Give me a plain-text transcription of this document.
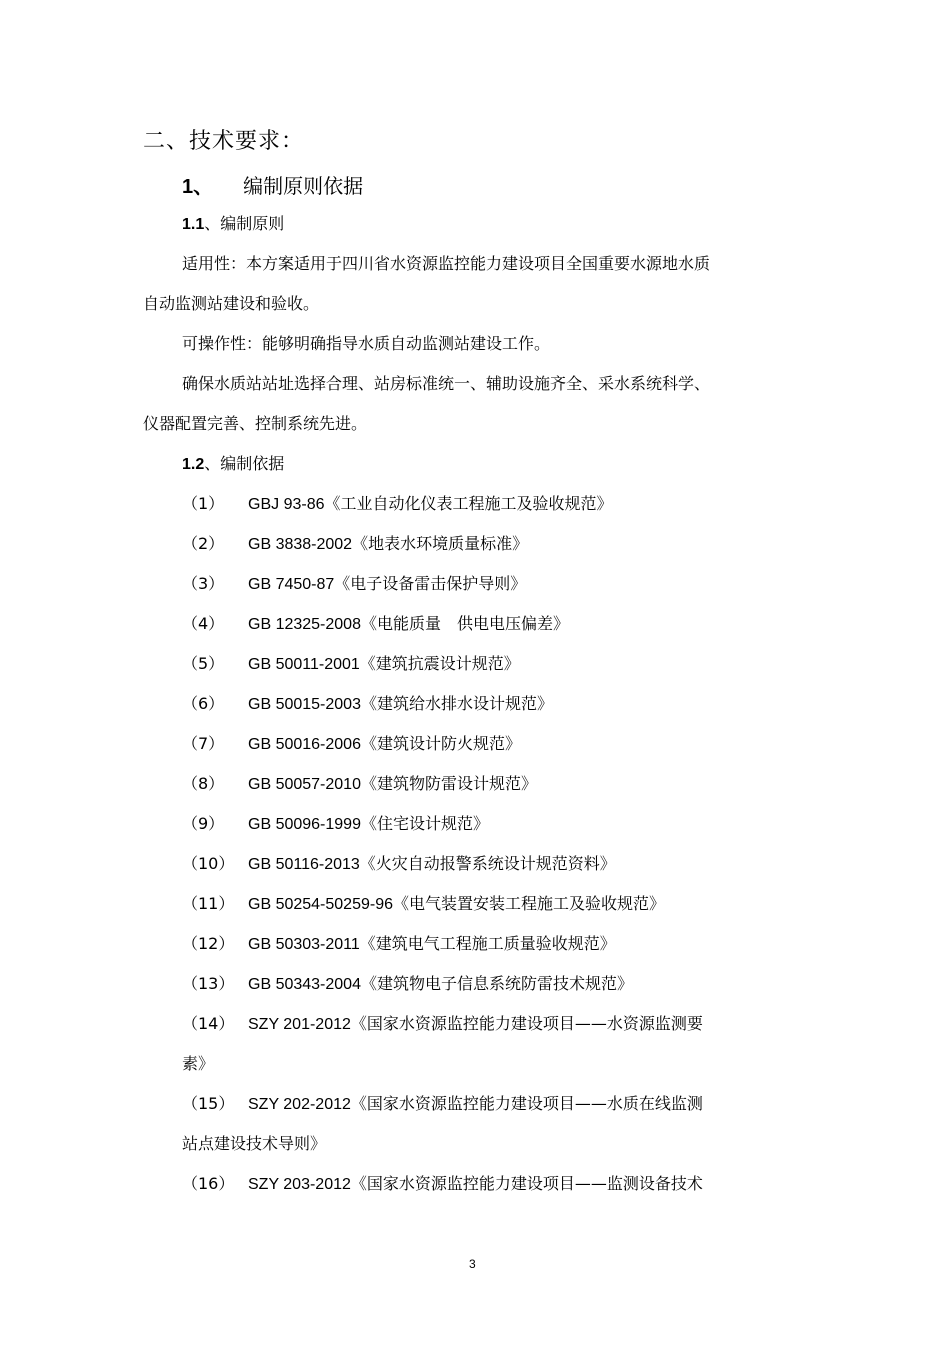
二、技术要求：
1、 编制原则依据
1.1、编制原则
适用性：本方案适用于四川省水资源监控能力建设项目全国重要水源地水质
自动监测站建设和验收。
可操作性：能够明确指导水质自动监测站建设工作。
确保水质站站址选择合理、站房标准统一、辅助设施齐全、采水系统科学、
仪器配置完善、控制系统先进。
1.2、编制依据
（1） GBJ 93-86《工业自动化仪表工程施工及验收规范》
（2） GB 3838-2002《地表水环境质量标准》
（3） GB 7450-87《电子设备雷击保护导则》
（4） GB 12325-2008《电能质量　供电电压偏差》
（5） GB 50011-2001《建筑抗震设计规范》
（6） GB 50015-2003《建筑给水排水设计规范》
（7） GB 50016-2006《建筑设计防火规范》
（8） GB 50057-2010《建筑物防雷设计规范》
（9） GB 50096-1999《住宅设计规范》
（10） GB 50116-2013《火灾自动报警系统设计规范资料》
（11） GB 50254-50259-96《电气装置安装工程施工及验收规范》
（12） GB 50303-2011《建筑电气工程施工质量验收规范》
（13） GB 50343-2004《建筑物电子信息系统防雷技术规范》
（14） SZY 201-2012《国家水资源监控能力建设项目——水资源监测要
素》
（15） SZY 202-2012《国家水资源监控能力建设项目——水质在线监测
站点建设技术导则》
（16） SZY 203-2012《国家水资源监控能力建设项目——监测设备技术
3
